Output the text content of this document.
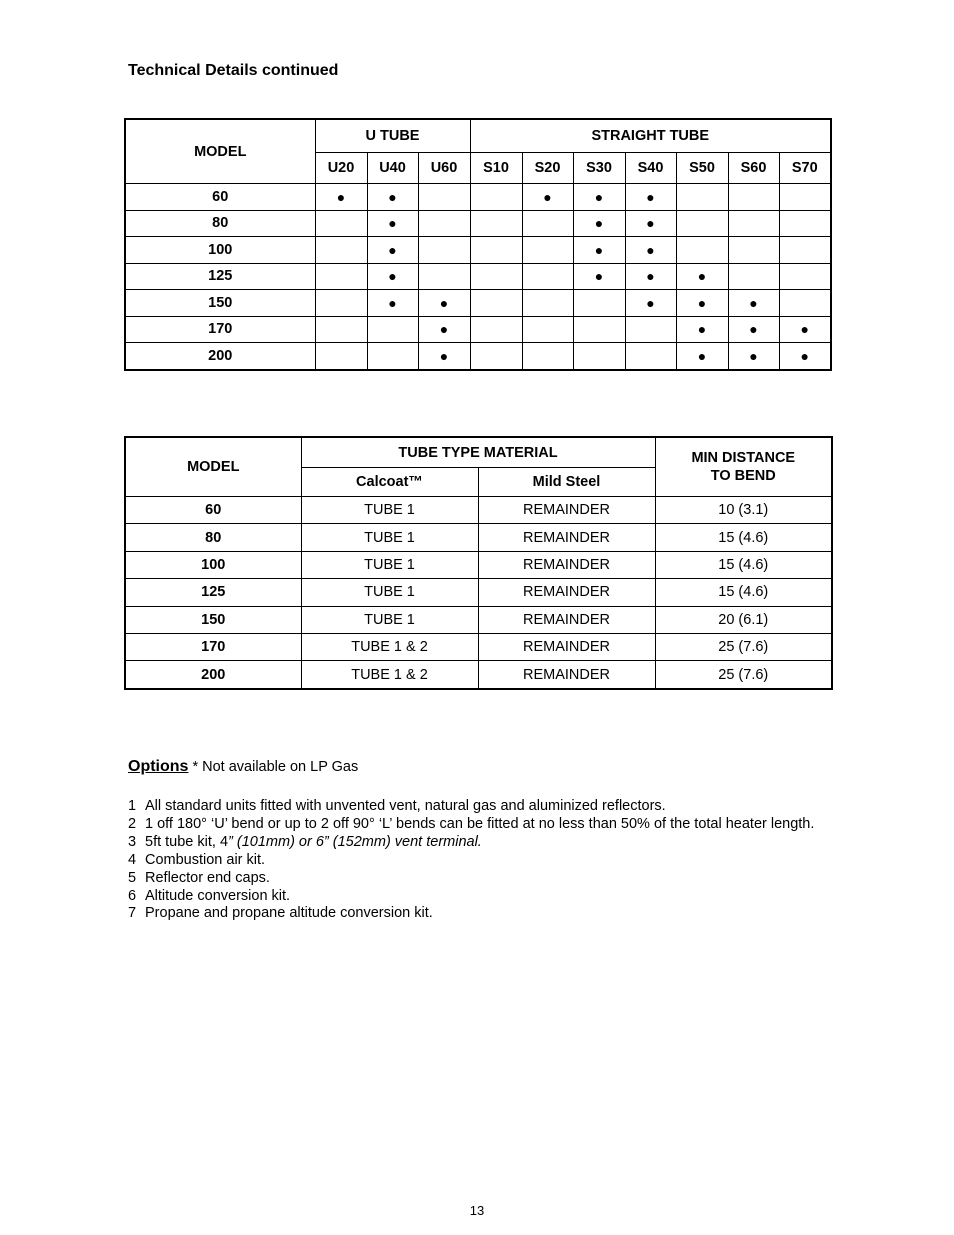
Technical Details continued
MODEL	U TUBE			STRAIGHT TUBE						
	U20	U40	U60	S10	S20	S30	S40	S50	S60	S70
60	●	●			●	●	●			
80		●				●	●			
100		●				●	●			
125		●				●	●	●		
150		●	●				●	●	●	
170			●					●	●	●
200			●					●	●	●
MODEL	TUBE TYPE MATERIAL		MIN DISTANCE
TO BEND
	Calcoat™	Mild Steel	
60	TUBE 1	REMAINDER	10 (3.1)
80	TUBE 1	REMAINDER	15 (4.6)
100	TUBE 1	REMAINDER	15 (4.6)
125	TUBE 1	REMAINDER	15 (4.6)
150	TUBE 1	REMAINDER	20 (6.1)
170	TUBE 1 & 2	REMAINDER	25 (7.6)
200	TUBE 1 & 2	REMAINDER	25 (7.6)
Options * Not available on LP Gas
1 All standard units fitted with unvented vent, natural gas and aluminized reflectors.
2 1 off 180° ‘U’ bend or up to 2 off 90° ‘L’ bends can be fitted at no less than 50% of the total heater length.
3 5ft tube kit, 4” (101mm) or 6” (152mm) vent terminal.
4 Combustion air kit.
5 Reflector end caps.
6 Altitude conversion kit.
7 Propane and propane altitude conversion kit.
13
